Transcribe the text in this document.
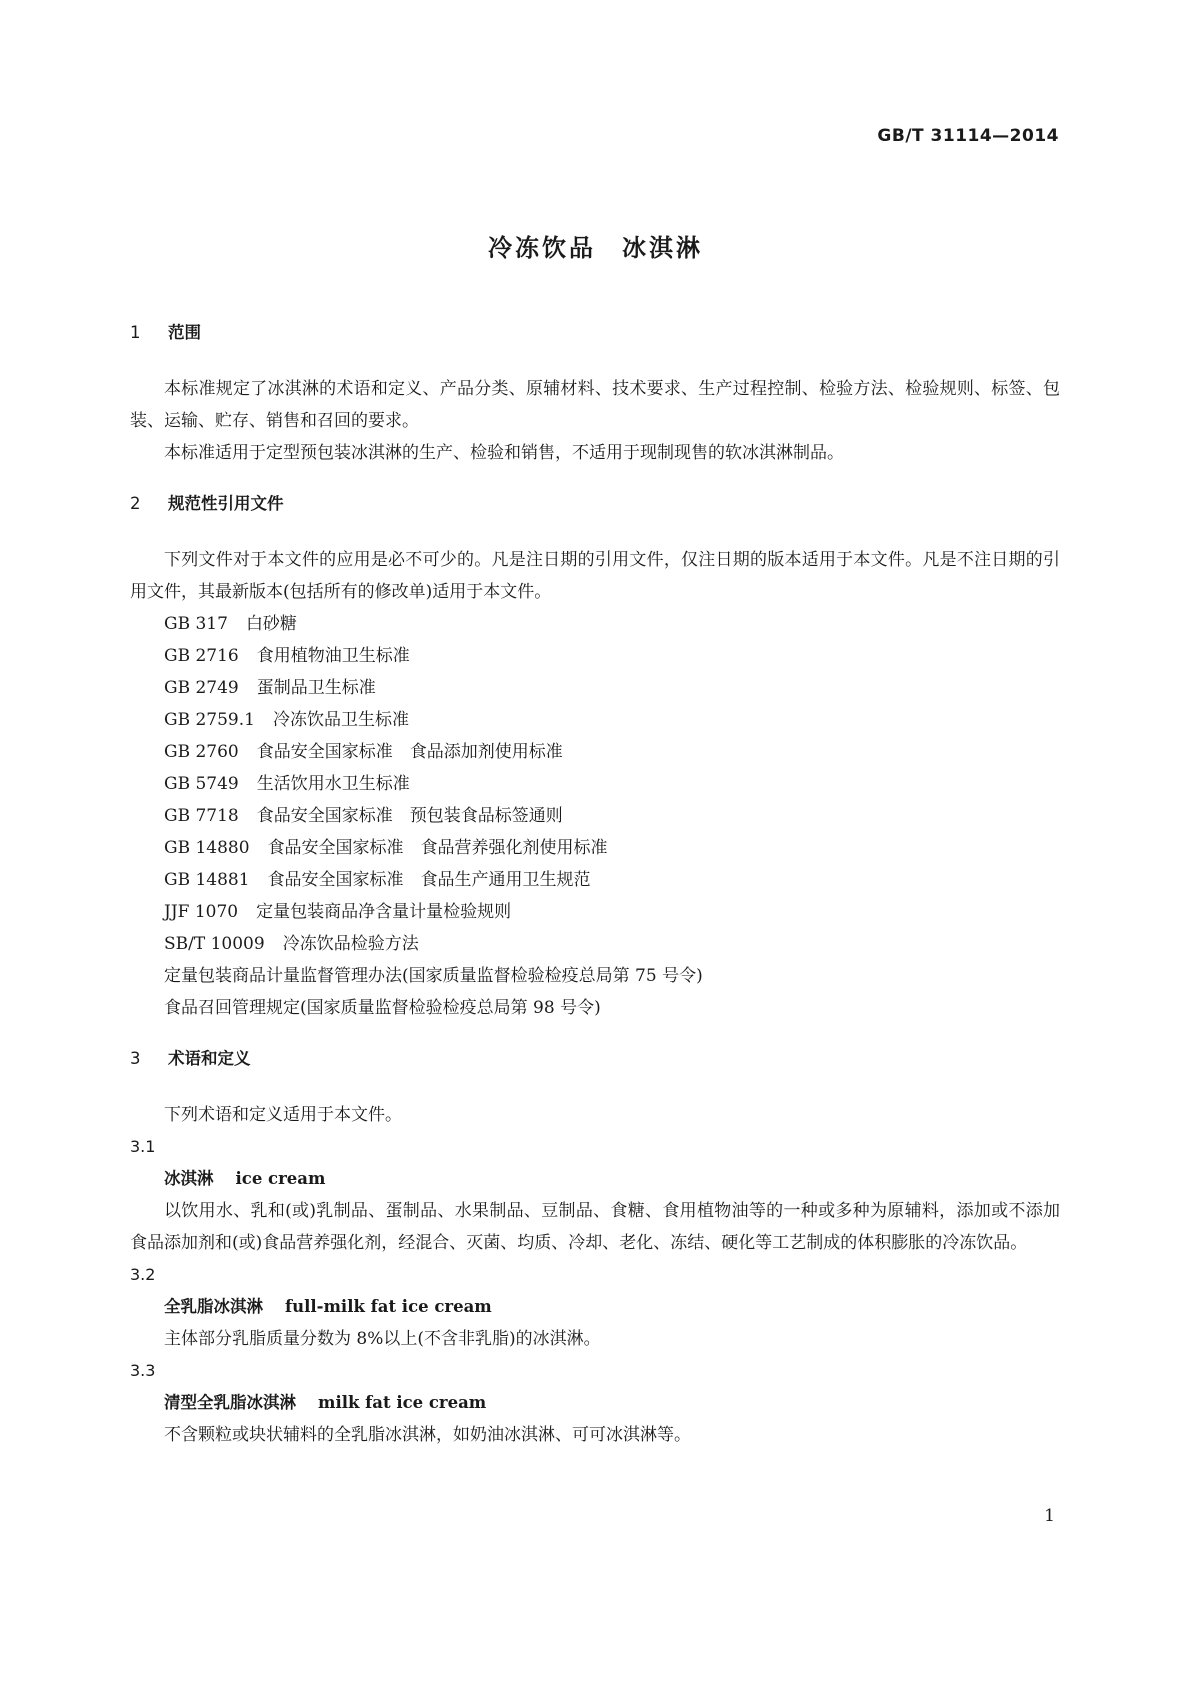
GB/T 31114—2014
冷冻饮品 冰淇淋
1 范围

本标准规定了冰淇淋的术语和定义、产品分类、原辅材料、技术要求、生产过程控制、检验方法、检验规则、标签、包装、运输、贮存、销售和召回的要求。

本标准适用于定型预包装冰淇淋的生产、检验和销售，不适用于现制现售的软冰淇淋制品。

2 规范性引用文件

下列文件对于本文件的应用是必不可少的。凡是注日期的引用文件，仅注日期的版本适用于本文件。凡是不注日期的引用文件，其最新版本(包括所有的修改单)适用于本文件。

GB 317 白砂糖
GB 2716 食用植物油卫生标准
GB 2749 蛋制品卫生标准
GB 2759.1 冷冻饮品卫生标准
GB 2760 食品安全国家标准　食品添加剂使用标准
GB 5749 生活饮用水卫生标准
GB 7718 食品安全国家标准　预包装食品标签通则
GB 14880 食品安全国家标准　食品营养强化剂使用标准
GB 14881 食品安全国家标准　食品生产通用卫生规范
JJF 1070 定量包装商品净含量计量检验规则
SB/T 10009 冷冻饮品检验方法
定量包装商品计量监督管理办法(国家质量监督检验检疫总局第 75 号令)
食品召回管理规定(国家质量监督检验检疫总局第 98 号令)
3 术语和定义

下列术语和定义适用于本文件。

3.1
冰淇淋 ice cream

以饮用水、乳和(或)乳制品、蛋制品、水果制品、豆制品、食糖、食用植物油等的一种或多种为原辅料，添加或不添加食品添加剂和(或)食品营养强化剂，经混合、灭菌、均质、冷却、老化、冻结、硬化等工艺制成的体积膨胀的冷冻饮品。

3.2
全乳脂冰淇淋 full-milk fat ice cream

主体部分乳脂质量分数为 8%以上(不含非乳脂)的冰淇淋。

3.3
清型全乳脂冰淇淋 milk fat ice cream

不含颗粒或块状辅料的全乳脂冰淇淋，如奶油冰淇淋、可可冰淇淋等。

1
